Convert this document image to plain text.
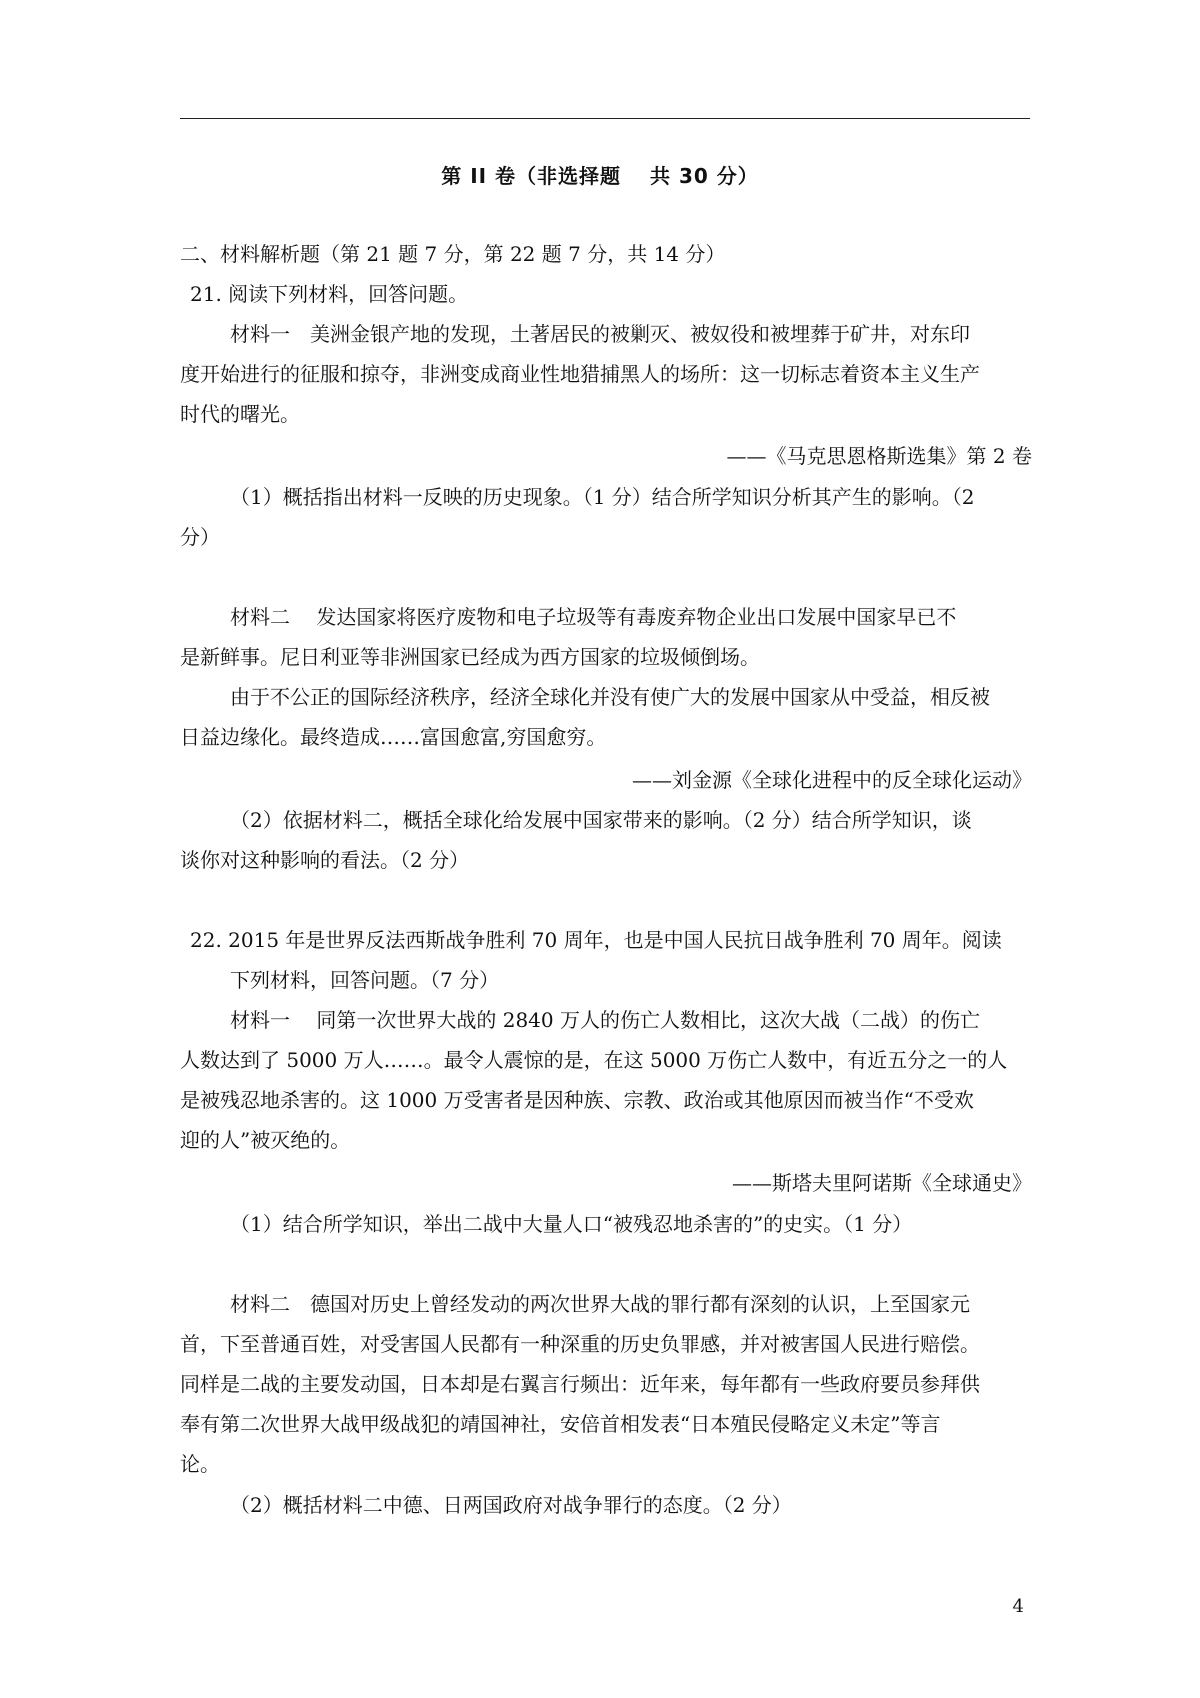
第 II 卷（非选择题　 共 30 分）
二、材料解析题（第 21 题 7 分，第 22 题 7 分，共 14 分）
21. 阅读下列材料，回答问题。
材料一　美洲金银产地的发现，土著居民的被剿灭、被奴役和被埋葬于矿井，对东印
度开始进行的征服和掠夺，非洲变成商业性地猎捕黑人的场所：这一切标志着资本主义生产
时代的曙光。
——《马克思恩格斯选集》第 2 卷
（1）概括指出材料一反映的历史现象。（1 分）结合所学知识分析其产生的影响。（2
分）
材料二　 发达国家将医疗废物和电子垃圾等有毒废弃物企业出口发展中国家早已不
是新鲜事。尼日利亚等非洲国家已经成为西方国家的垃圾倾倒场。
由于不公正的国际经济秩序，经济全球化并没有使广大的发展中国家从中受益，相反被
日益边缘化。最终造成……富国愈富,穷国愈穷。
——刘金源《全球化进程中的反全球化运动》
（2）依据材料二，概括全球化给发展中国家带来的影响。（2 分）结合所学知识，谈
谈你对这种影响的看法。（2 分）
22. 2015 年是世界反法西斯战争胜利 70 周年，也是中国人民抗日战争胜利 70 周年。阅读
下列材料，回答问题。（7 分）
材料一　 同第一次世界大战的 2840 万人的伤亡人数相比，这次大战（二战）的伤亡
人数达到了 5000 万人……。最令人震惊的是，在这 5000 万伤亡人数中，有近五分之一的人
是被残忍地杀害的。这 1000 万受害者是因种族、宗教、政治或其他原因而被当作“不受欢
迎的人”被灭绝的。
——斯塔夫里阿诺斯《全球通史》
（1）结合所学知识，举出二战中大量人口“被残忍地杀害的”的史实。（1 分）
材料二　德国对历史上曾经发动的两次世界大战的罪行都有深刻的认识，上至国家元
首，下至普通百姓，对受害国人民都有一种深重的历史负罪感，并对被害国人民进行赔偿。
同样是二战的主要发动国，日本却是右翼言行频出：近年来，每年都有一些政府要员参拜供
奉有第二次世界大战甲级战犯的靖国神社，安倍首相发表“日本殖民侵略定义未定”等言
论。
（2）概括材料二中德、日两国政府对战争罪行的态度。（2 分）
4
